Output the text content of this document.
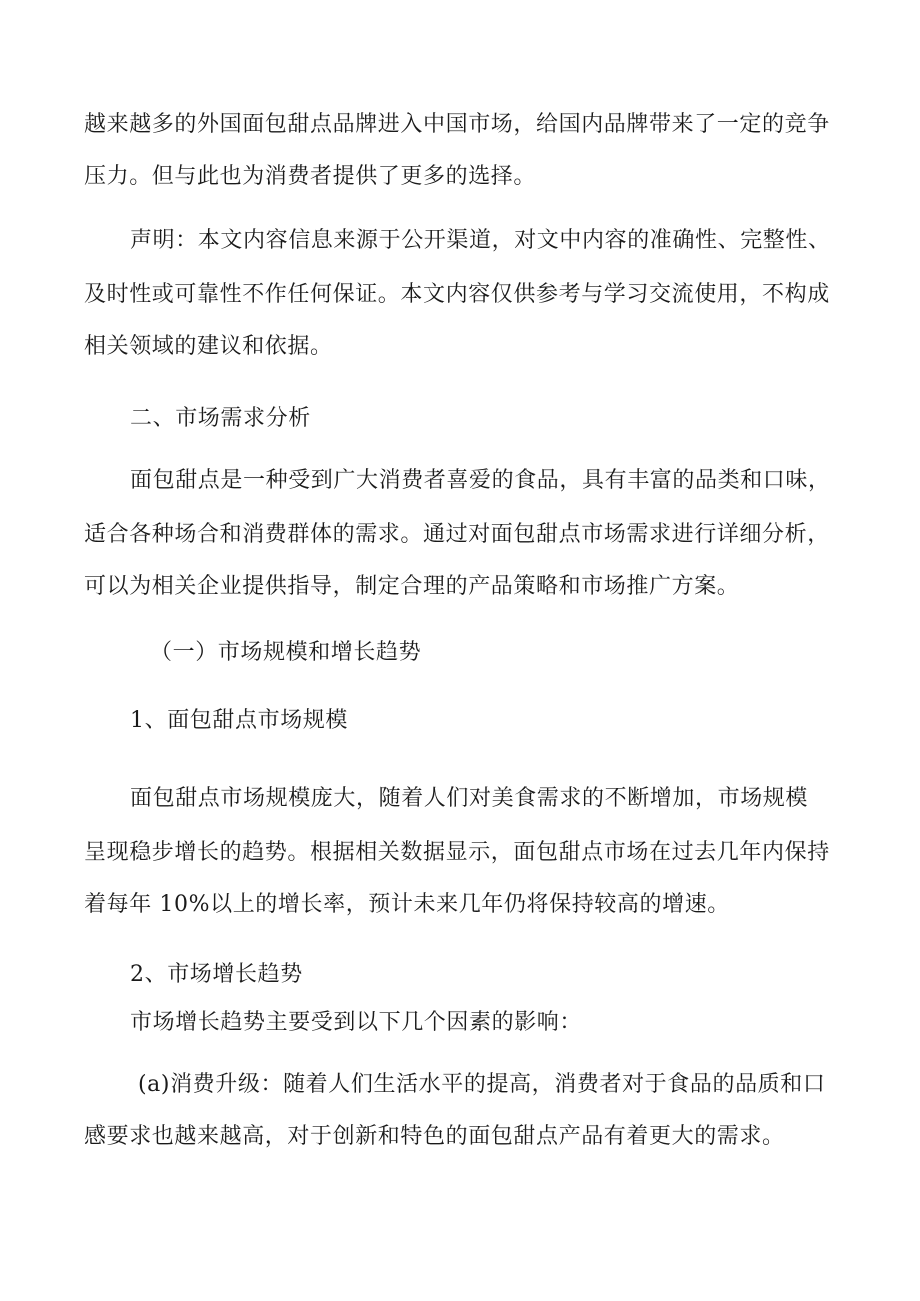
越来越多的外国面包甜点品牌进入中国市场，给国内品牌带来了一定的竞争
压力。但与此也为消费者提供了更多的选择。
声明：本文内容信息来源于公开渠道，对文中内容的准确性、完整性、
及时性或可靠性不作任何保证。本文内容仅供参考与学习交流使用，不构成
相关领域的建议和依据。
二、市场需求分析
面包甜点是一种受到广大消费者喜爱的食品，具有丰富的品类和口味，
适合各种场合和消费群体的需求。通过对面包甜点市场需求进行详细分析，
可以为相关企业提供指导，制定合理的产品策略和市场推广方案。
（一）市场规模和增长趋势
1、面包甜点市场规模
面包甜点市场规模庞大，随着人们对美食需求的不断增加，市场规模
呈现稳步增长的趋势。根据相关数据显示，面包甜点市场在过去几年内保持
着每年 10%以上的增长率，预计未来几年仍将保持较高的增速。
2、市场增长趋势
市场增长趋势主要受到以下几个因素的影响：
(a)消费升级：随着人们生活水平的提高，消费者对于食品的品质和口
感要求也越来越高，对于创新和特色的面包甜点产品有着更大的需求。
